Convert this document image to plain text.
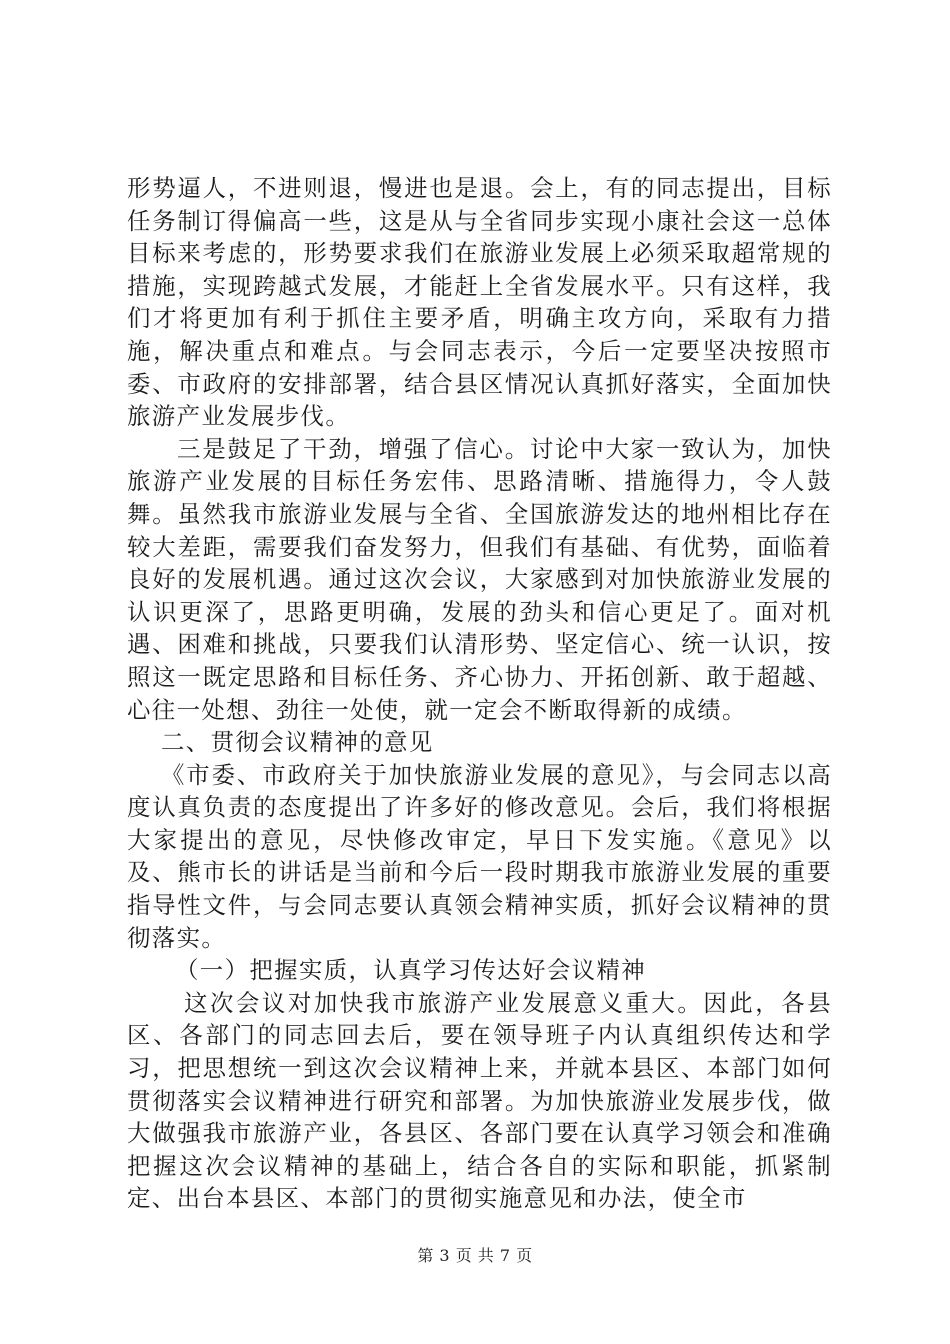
形势逼人，不进则退，慢进也是退。会上，有的同志提出，目标任务制订得偏高一些，这是从与全省同步实现小康社会这一总体目标来考虑的，形势要求我们在旅游业发展上必须采取超常规的措施，实现跨越式发展，才能赶上全省发展水平。只有这样，我们才将更加有利于抓住主要矛盾，明确主攻方向，采取有力措施，解决重点和难点。与会同志表示，今后一定要坚决按照市委、市政府的安排部署，结合县区情况认真抓好落实，全面加快旅游产业发展步伐。

三是鼓足了干劲，增强了信心。讨论中大家一致认为，加快旅游产业发展的目标任务宏伟、思路清晰、措施得力，令人鼓舞。虽然我市旅游业发展与全省、全国旅游发达的地州相比存在较大差距，需要我们奋发努力，但我们有基础、有优势，面临着良好的发展机遇。通过这次会议，大家感到对加快旅游业发展的认识更深了，思路更明确，发展的劲头和信心更足了。面对机遇、困难和挑战，只要我们认清形势、坚定信心、统一认识，按照这一既定思路和目标任务、齐心协力、开拓创新、敢于超越、心往一处想、劲往一处使，就一定会不断取得新的成绩。

二、贯彻会议精神的意见

《市委、市政府关于加快旅游业发展的意见》，与会同志以高度认真负责的态度提出了许多好的修改意见。会后，我们将根据大家提出的意见，尽快修改审定，早日下发实施。《意见》以及、熊市长的讲话是当前和今后一段时期我市旅游业发展的重要指导性文件，与会同志要认真领会精神实质，抓好会议精神的贯彻落实。

（一）把握实质，认真学习传达好会议精神

这次会议对加快我市旅游产业发展意义重大。因此，各县区、各部门的同志回去后，要在领导班子内认真组织传达和学习，把思想统一到这次会议精神上来，并就本县区、本部门如何贯彻落实会议精神进行研究和部署。为加快旅游业发展步伐，做大做强我市旅游产业，各县区、各部门要在认真学习领会和准确把握这次会议精神的基础上，结合各自的实际和职能，抓紧制定、出台本县区、本部门的贯彻实施意见和办法，使全市

第 3 页 共 7 页
